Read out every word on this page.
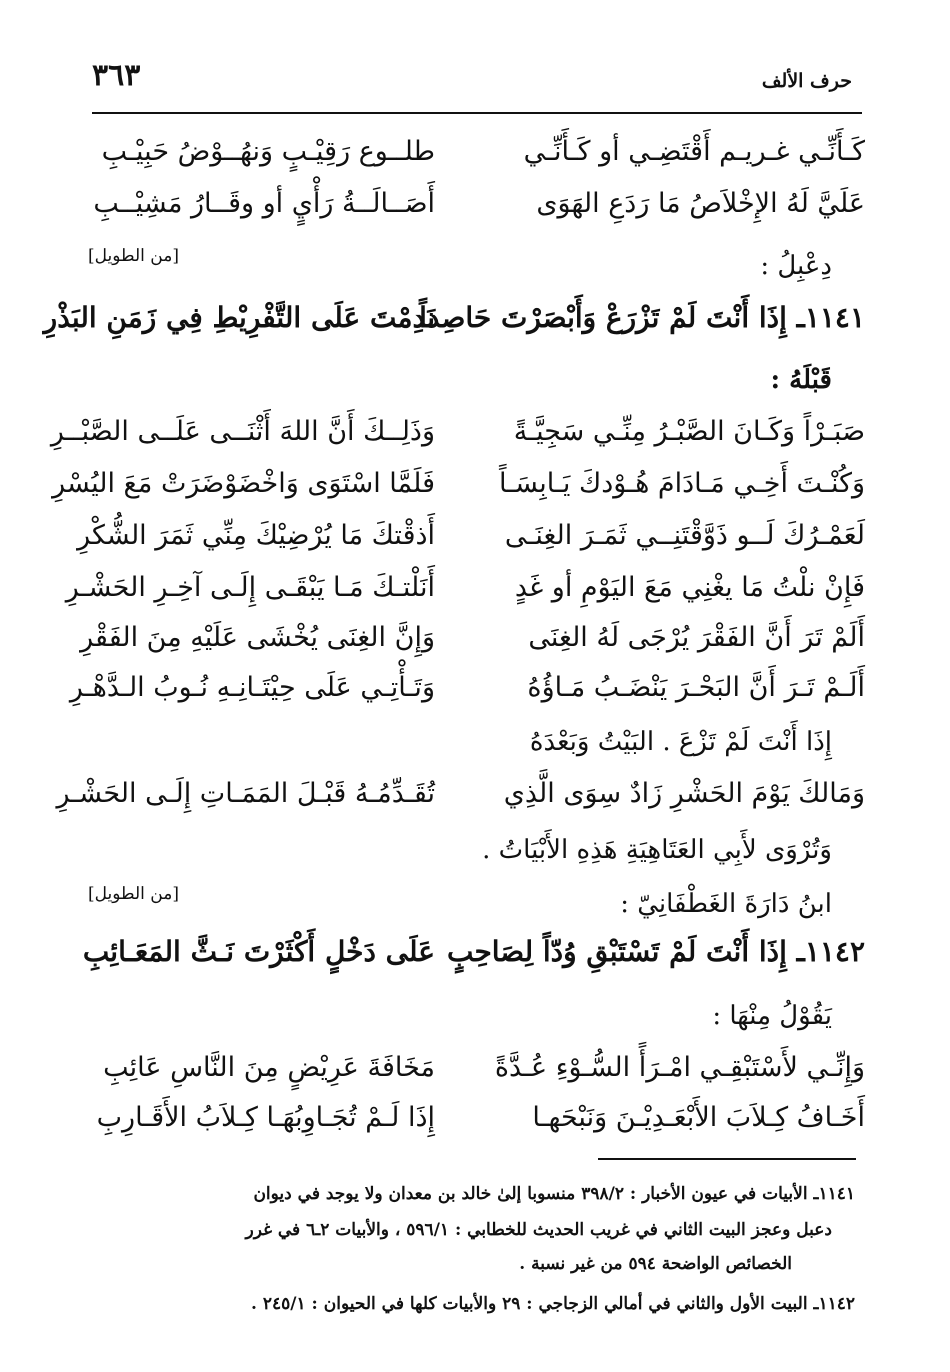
٣٦٣	حرف الألف
كَـأَنِّـي غـريـم أَقْتَضِـي أو كَـأَنِّـي
طلــوع رَقِيْـبٍ وَنهُــوْضُ حَبِيْـبِ
عَلَيَّ لَهُ الإِخْلاَصُ مَا رَدَعِ الهَوَى
أَصَــالَــةُ رَأْيٍ أو وقَــارُ مَشِيْــبِ
دِعْبِلُ :
[من الطويل]
١١٤١ـ إِذَا أَنْتَ لَمْ تَزْرَعْ وَأَبْصَرْتَ حَاصِداً
نَدِمْتَ عَلَى التَّفْرِيْطِ فِي زَمَنِ البَذْرِ
قَبْلَهُ :
صَبَـرْاً وَكَـانَ الصَّبْـرُ مِنِّـي سَجِيَّـةً
وَذَلِــكَ أَنَّ اللهَ أَثْنَــى عَلَــى الصَّبْــرِ
وَكُنْـتَ أَخِـي مَـادَامَ هُـوْدكَ يَـابِسَـاً
فَلَمَّا اسْتَوَى وَاخْضَوْضَرَتْ مَعَ اليُسْرِ
لَعَمْـرُكَ لَــو ذَوَّقْتَنِــي ثَمَـرَ الغِنَـى
أَذقْتكَ مَا يُرْضِيْكَ مِنِّي ثَمَرَ الشُّكْرِ
فَإِنْ نلْتُ مَا يغْنِي مَعَ اليَوْمِ أو غَدٍ
أَنَلْتـكَ مَـا يَبْقَـى إِلَـى آخِـرِ الحَشْـرِ
أَلَمْ تَرَ أَنَّ الفَقْرَ يُرْجَى لَهُ الغِنَى
وَإِنَّ الغِنَى يُخْشَى عَلَيْهِ مِنَ الفَقْرِ
أَلَـمْ تَـرَ أَنَّ البَحْـرَ يَنْضَـبُ مَـاؤُهُ
وَتَـأْتِـي عَلَى حِيْتَـانِـهِ نُـوبُ الـدَّهْـرِ
إِذَا أَنْتَ لَمْ تَزْعَ . البَيْتُ وَبَعْدَهُ
وَمَالكَ يَوْمَ الحَشْرِ زَادٌ سِوَى الَّذِي
تُقَـدِّمُـهُ قَبْـلَ المَمَـاتِ إِلَـى الحَشْـرِ
وَتُرْوَى لأَبِي العَتَاهِيَةِ هَذِهِ الأَبْيَاتُ .
ابنُ دَارَةَ الغَطْفَانِيّ :
[من الطويل]
١١٤٢ـ إِذَا أَنْتَ لَمْ تَسْتَبْقِ وُدّاً لِصَاحِبٍ
عَلَى دَخْلٍ أَكْثَرْتَ نَـثَّ المَعَـائِبِ
يَقُوْلُ مِنْهَا :
وَإِنِّـي لأَسْتَبْقِـي امْـرَأً السُّـوْءِ عُـدَّةً
مَخَافَةَ عَرِيْضٍ مِنَ النَّاسِ عَائِبِ
أَخَـافُ كِـلاَبَ الأَبْعَـدِيْـنَ وَنَبْحَهـا
إِذَا لَـمْ تُجَـاوِبُهَـا كِـلاَبُ الأَقَـارِبِ
١١٤١ـ الأبيات في عيون الأخبار : ٣٩٨/٢ منسوبا إلىٰ خالد بن معدان ولا يوجد في ديوان
دعبل وعجز البيت الثاني في غريب الحديث للخطابي : ٥٩٦/١ ، والأبيات ٢ـ٦ في غرر
الخصائص الواضحة ٥٩٤ من غير نسبة .
١١٤٢ـ البيت الأول والثاني في أمالي الزجاجي : ٢٩ والأبيات كلها في الحيوان : ٢٤٥/١ .
